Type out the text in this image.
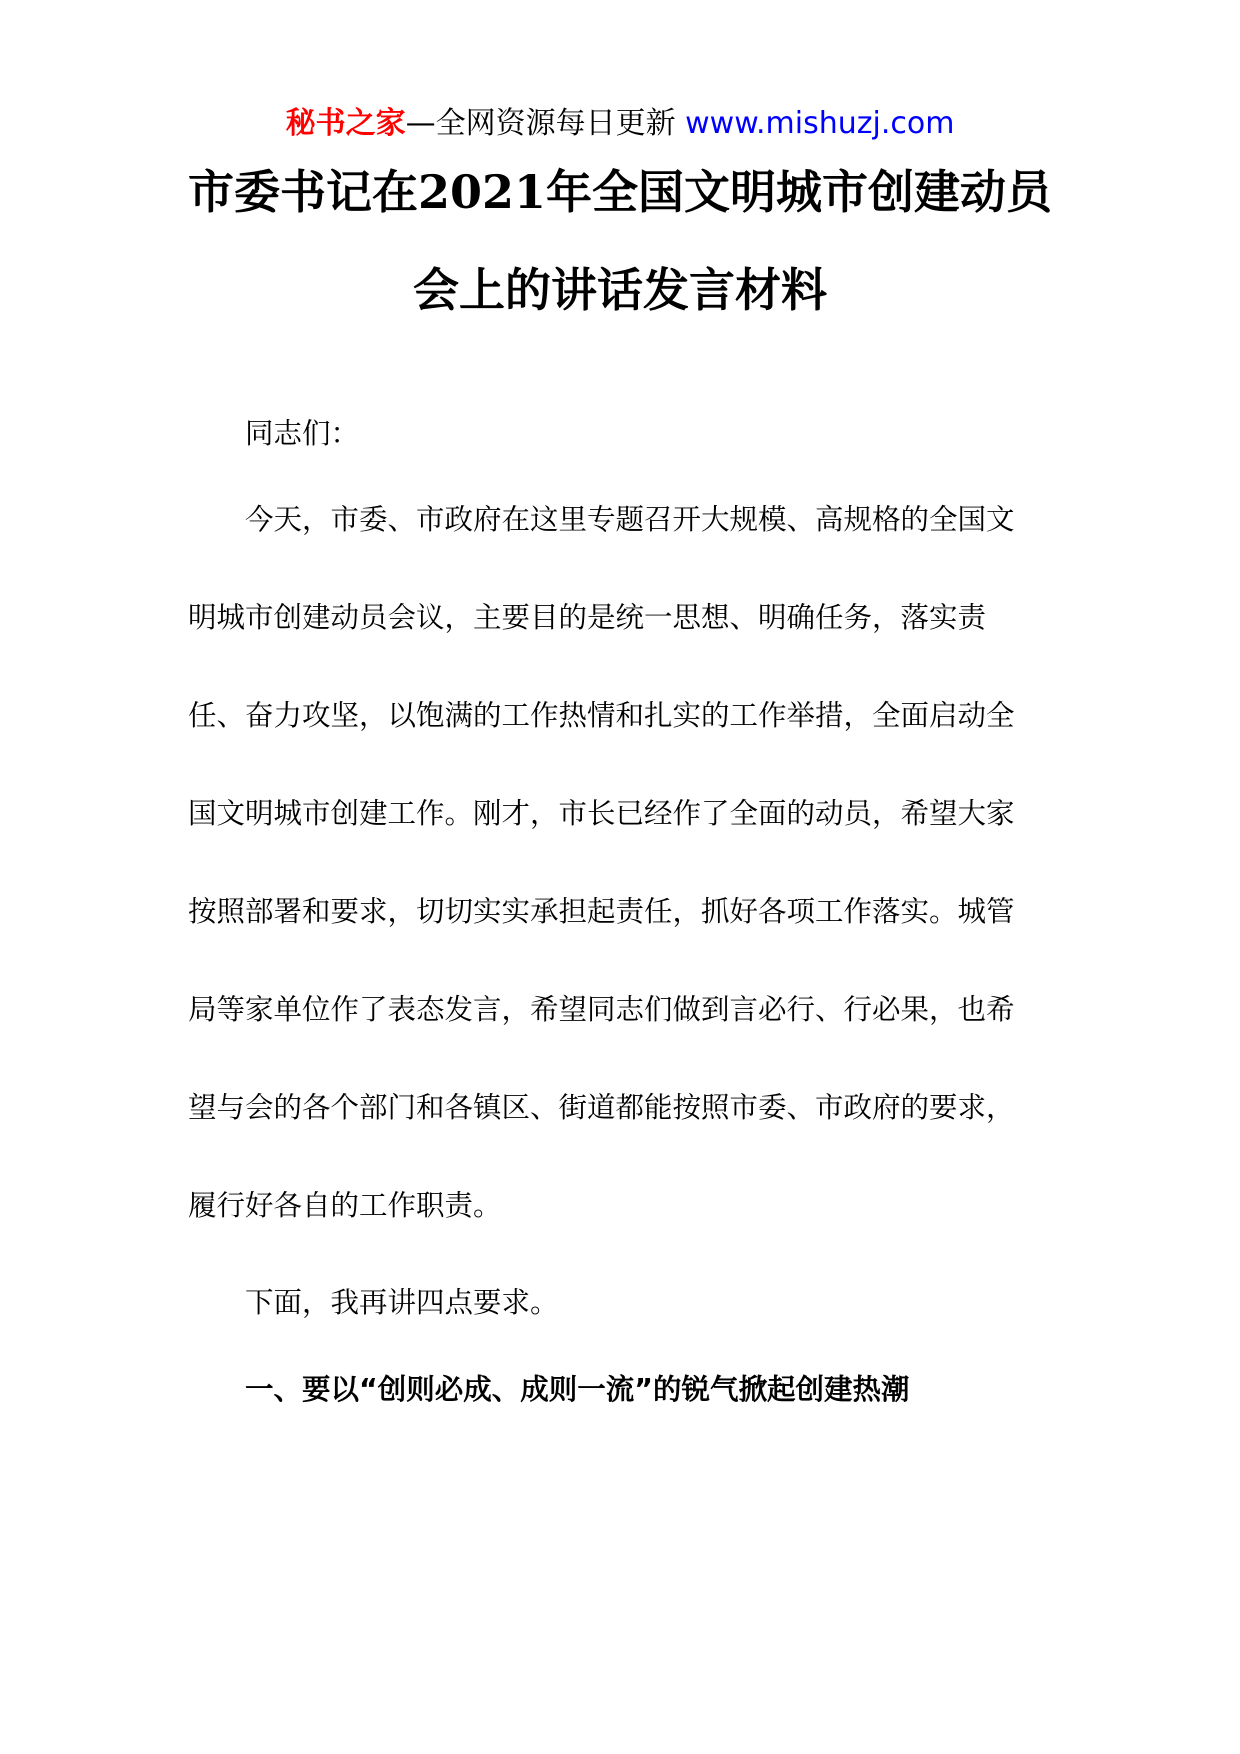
秘书之家—全网资源每日更新 www.mishuzj.com
市委书记在2021年全国文明城市创建动员
会上的讲话发言材料
同志们：
今天，市委、市政府在这里专题召开大规模、高规格的全国文
明城市创建动员会议，主要目的是统一思想、明确任务，落实责
任、奋力攻坚，以饱满的工作热情和扎实的工作举措，全面启动全
国文明城市创建工作。刚才，市长已经作了全面的动员，希望大家
按照部署和要求，切切实实承担起责任，抓好各项工作落实。城管
局等家单位作了表态发言，希望同志们做到言必行、行必果，也希
望与会的各个部门和各镇区、街道都能按照市委、市政府的要求，
履行好各自的工作职责。
下面，我再讲四点要求。
一、要以“创则必成、成则一流”的锐气掀起创建热潮
